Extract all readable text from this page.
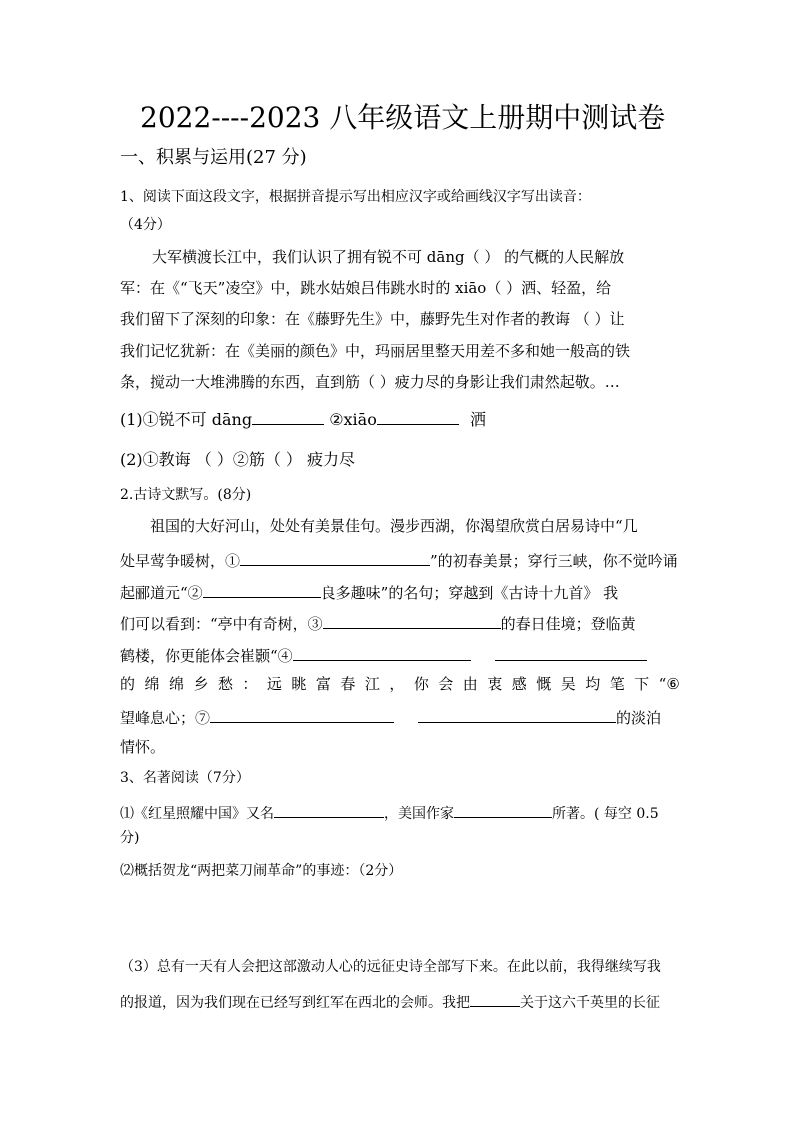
2022----2023 八年级语文上册期中测试卷
一、积累与运用(27 分)
1、阅读下面这段文字，根据拼音提示写出相应汉字或给画线汉字写出读音：
（4分）
大军横渡长江中，我们认识了拥有锐不可 dāng（ ） 的气概的人民解放
军：在《“飞天”凌空》中，跳水姑娘吕伟跳水时的 xiāo（ ）洒、轻盈，给
我们留下了深刻的印象：在《藤野先生》中，藤野先生对作者的教诲 （ ）让
我们记忆犹新：在《美丽的颜色》中，玛丽居里整天用差不多和她一般高的铁
条，搅动一大堆沸腾的东西，直到筋（ ）疲力尽的身影让我们肃然起敬。…
(1)①锐不可 dāng	②xiāo	洒
(2)①教诲 （ ）②筋（ ） 疲力尽
2.古诗文默写。(8分)
祖国的大好河山，处处有美景佳句。漫步西湖，你渴望欣赏白居易诗中“几
处早莺争暖树，①	”的初春美景；穿行三峡，你不觉吟诵
起郦道元“②	良多趣味”的名句；穿越到《古诗十九首》 我
们可以看到：“亭中有奇树，③	的春日佳境；登临黄
鹤楼，你更能体会崔颢“④
的 绵 绵 乡 愁 ： 远 眺 富 春 江 ， 你 会 由 衷 感 慨 吴 均 笔 下 “⑥
望峰息心；⑦	的淡泊
情怀。
3、名著阅读（7分）
⑴《红星照耀中国》又名	，美国作家	所著。( 每空 0.5
分)
⑵概括贺龙“两把菜刀闹革命”的事迹：（2分）
（3）总有一天有人会把这部激动人心的远征史诗全部写下来。在此以前，我得继续写我
的报道，因为我们现在已经写到红军在西北的会师。我把	关于这六千英里的长征
